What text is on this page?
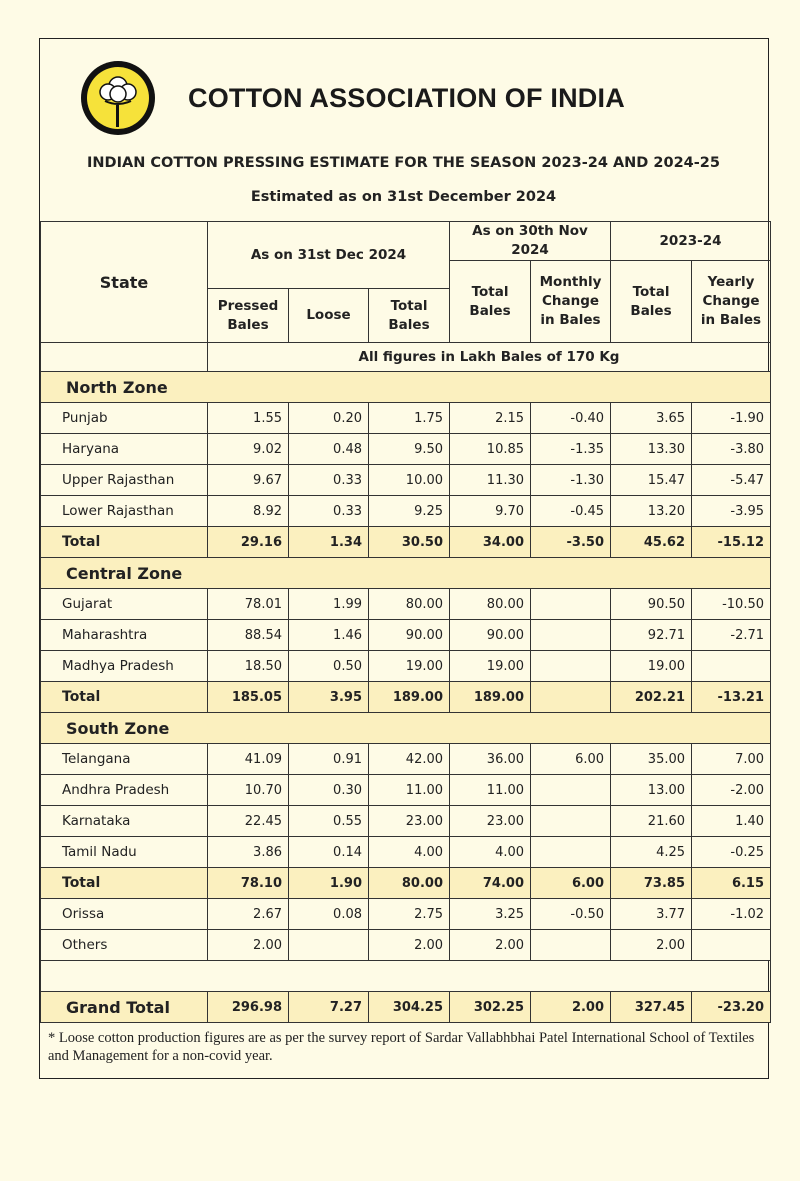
COTTON ASSOCIATION OF INDIA
INDIAN COTTON PRESSING ESTIMATE FOR THE SEASON 2023-24 AND 2024-25
Estimated as on 31st December 2024
State	As on 31st Dec 2024			As on 30th Nov 2024		2023-24	
				Total Bales	Monthly Change in Bales	Total Bales	Yearly Change in Bales
	Pressed Bales	Loose	Total Bales				
	All figures in Lakh Bales of 170 Kg						
North Zone							
Punjab	1.55	0.20	1.75	2.15	-0.40	3.65	-1.90
Haryana	9.02	0.48	9.50	10.85	-1.35	13.30	-3.80
Upper Rajasthan	9.67	0.33	10.00	11.30	-1.30	15.47	-5.47
Lower Rajasthan	8.92	0.33	9.25	9.70	-0.45	13.20	-3.95
Total	29.16	1.34	30.50	34.00	-3.50	45.62	-15.12
Central Zone							
Gujarat	78.01	1.99	80.00	80.00		90.50	-10.50
Maharashtra	88.54	1.46	90.00	90.00		92.71	-2.71
Madhya Pradesh	18.50	0.50	19.00	19.00		19.00	
Total	185.05	3.95	189.00	189.00		202.21	-13.21
South Zone							
Telangana	41.09	0.91	42.00	36.00	6.00	35.00	7.00
Andhra Pradesh	10.70	0.30	11.00	11.00		13.00	-2.00
Karnataka	22.45	0.55	23.00	23.00		21.60	1.40
Tamil Nadu	3.86	0.14	4.00	4.00		4.25	-0.25
Total	78.10	1.90	80.00	74.00	6.00	73.85	6.15
Orissa	2.67	0.08	2.75	3.25	-0.50	3.77	-1.02
Others	2.00		2.00	2.00		2.00	

Grand Total	296.98	7.27	304.25	302.25	2.00	327.45	-23.20
* Loose cotton production figures are as per the survey report of Sardar Vallabhbhai Patel International School of Textiles and Management for a non-covid year.
